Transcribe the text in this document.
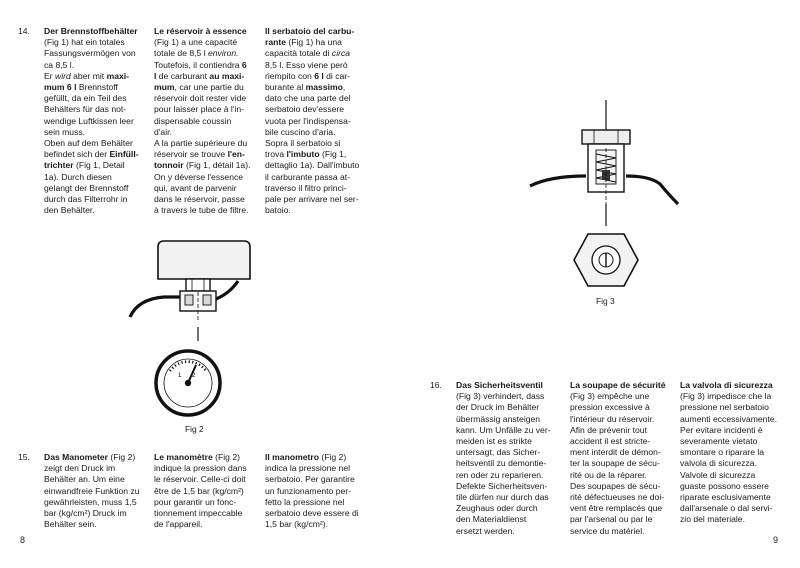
14. Der Brennstoffbehälter
(Fig 1) hat ein totales
Fassungsvermögen von
ca 8,5 l.
Er wird aber mit maxi-
mum 6 l Brennstoff
gefüllt, da ein Teil des
Behälters für das not-
wendige Luftkissen leer
sein muss.
Oben auf dem Behälter
befindet sich der Einfüll-
trichter (Fig 1, Detail
1a). Durch diesen
gelangt der Brennstoff
durch das Filterrohr in
den Behälter.
Le réservoir à essence
(Fig 1) a une capacité
totale de 8,5 l environ.
Toutefois, il contiendra 6
l de carburant au maxi-
mum, car une partie du
réservoir doit rester vide
pour laisser place à l'in-
dispensable coussin
d'air.
A la partie supérieure du
réservoir se trouve l'en-
tonnoir (Fig 1, détail 1a).
On y déverse l'essence
qui, avant de parvenir
dans le réservoir, passe
à travers le tube de filtre.
Il serbatoio del carbu-
rante (Fig 1) ha una
capacità totale di circa
8,5 l. Esso viene però
riempito con 6 l di car-
burante al massimo,
dato che una parte del
serbatoio dev'essere
vuota per l'indispensa-
bile cuscino d'aria.
Sopra il serbatoio si
trova l'imbuto (Fig 1,
dettaglio 1a). Dall'imbuto
il carburante passa at-
traverso il filtro princi-
pale per arrivare nel ser-
batoio.
1 2
Fig 2
15. Das Manometer (Fig 2)
zeigt den Druck im
Behälter an. Um eine
einwandfreie Funktion zu
gewährleisten, muss 1,5
bar (kg/cm²) Druck im
Behälter sein.
Le manomètre (Fig 2)
indique la pression dans
le réservoir. Celle-ci doit
être de 1,5 bar (kg/cm²)
pour garantir un fonc-
tionnement impeccable
de l'appareil.
Il manometro (Fig 2)
indica la pressione nel
serbatoio. Per garantire
un funzionamento per-
fetto la pressione nel
serbatoio deve essere di
1,5 bar (kg/cm²).
8
Fig 3
16. Das Sicherheitsventil
(Fig 3) verhindert, dass
der Druck im Behälter
übermässig ansteigen
kann. Um Unfälle zu ver-
meiden ist es strikte
untersagt, das Sicher-
heitsventil zu demontie-
ren oder zu reparieren.
Defekte Sicherheitsven-
tile dürfen nur durch das
Zeughaus oder durch
den Materialdienst
ersetzt werden.
La soupape de sécurité
(Fig 3) empêche une
pression excessive à
l'intérieur du réservoir.
Afin de prévenir tout
accident il est stricte-
ment interdit de démon-
ter la soupape de sécu-
rité ou de la réparer.
Des soupapes de sécu-
rité défectueuses ne doi-
vent être remplacés que
par l'arsenal ou par le
service du matériel.
La valvola di sicurezza
(Fig 3) impedisce che la
pressione nel serbatoio
aumenti eccessivamente.
Per evitare incidenti è
severamente vietato
smontare o riparare la
valvola di sicurezza.
Valvole di sicurezza
guaste possono essere
riparate esclusivamente
dall'arsenale o dal servi-
zio del materiale.
9
